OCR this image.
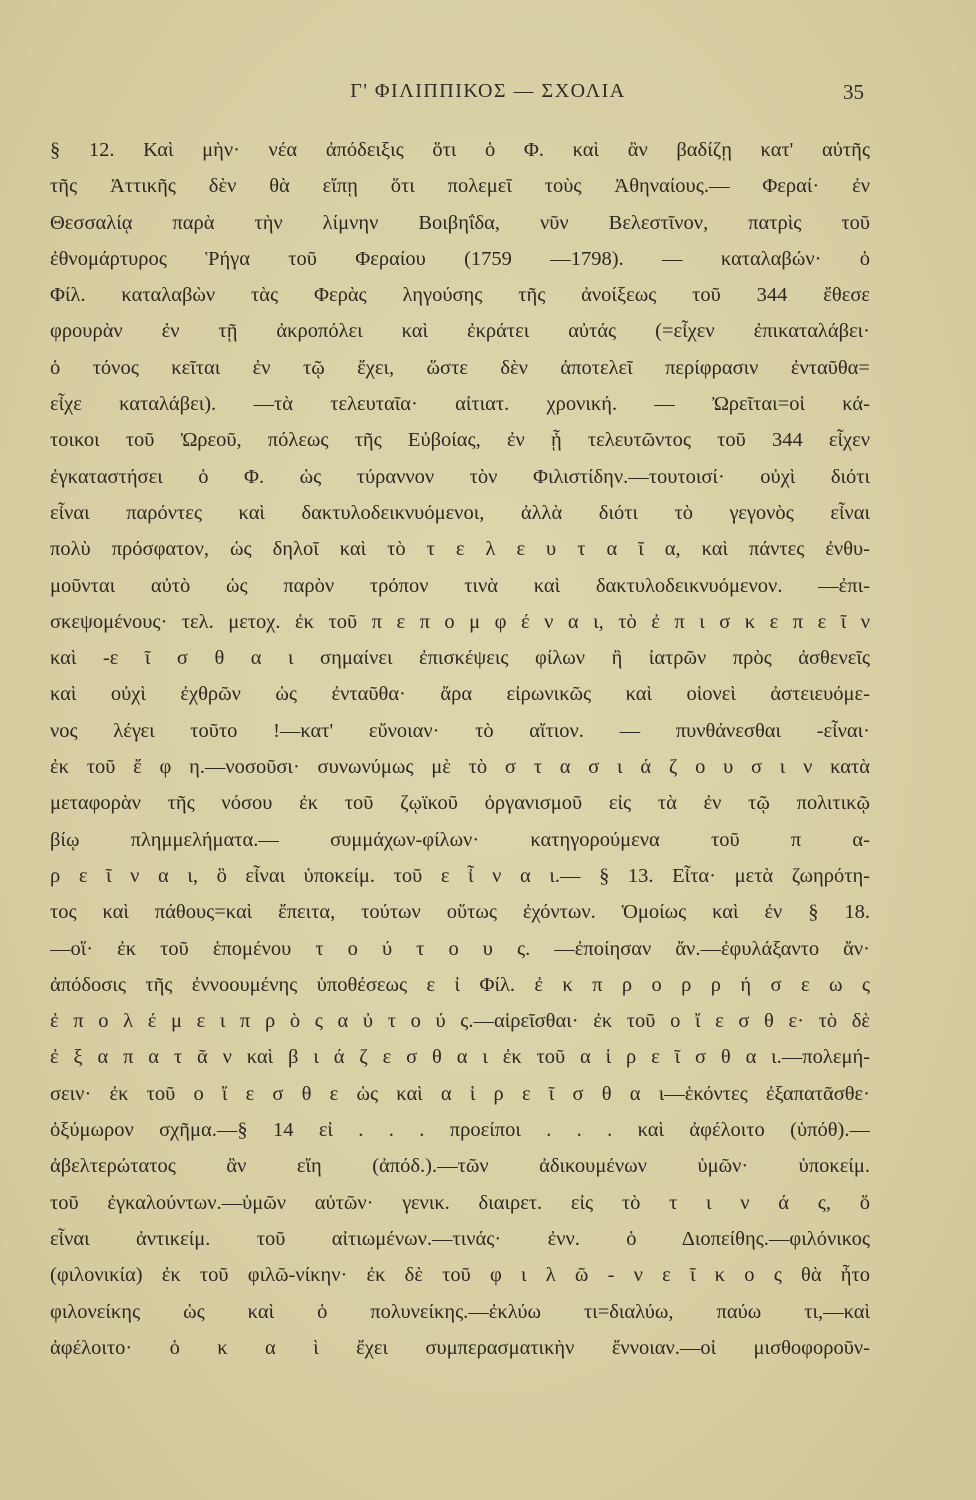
Γ' ΦΙΛΙΠΠΙΚΟΣ — ΣΧΟΛΙΑ	35
§ 12. Καὶ μὴν· νέα ἀπόδειξις ὅτι ὁ Φ. καὶ ἂν βαδίζῃ κατ' αὐτῆς
τῆς Ἀττικῆς δὲν θὰ εἴπῃ ὅτι πολεμεῖ τοὺς Ἀθηναίους.— Φεραί· ἐν
Θεσσαλίᾳ παρὰ τὴν λίμνην Βοιβηΐδα, νῦν Βελεστῖνον, πατρὶς τοῦ
ἐθνομάρτυρος Ῥήγα τοῦ Φεραίου (1759 —1798). — καταλαβών· ὁ
Φίλ. καταλαβὼν τὰς Φερὰς ληγούσης τῆς ἀνοίξεως τοῦ 344 ἔθεσε
φρουρὰν ἐν τῇ ἀκροπόλει καὶ ἐκράτει αὐτάς (=εἶχεν ἐπικαταλάβει·
ὁ τόνος κεῖται ἐν τῷ ἔχει, ὥστε δὲν ἀποτελεῖ περίφρασιν ἐνταῦθα=
εἶχε καταλάβει). —τὰ τελευταῖα· αἰτιατ. χρονική. — Ὠρεῖται=οἱ κά-
τοικοι τοῦ Ὠρεοῦ, πόλεως τῆς Εὐβοίας, ἐν ᾗ τελευτῶντος τοῦ 344 εἶχεν
ἐγκαταστήσει ὁ Φ. ὡς τύραννον τὸν Φιλιστίδην.—τουτοισί· οὐχὶ διότι
εἶναι παρόντες καὶ δακτυλοδεικνυόμενοι, ἀλλὰ διότι τὸ γεγονὸς εἶναι
πολὺ πρόσφατον, ὡς δηλοῖ καὶ τὸ τ ε λ ε υ τ α ῖ α, καὶ πάντες ἐνθυ-
μοῦνται αὐτὸ ὡς παρὸν τρόπον τινὰ καὶ δακτυλοδεικνυόμενον. —ἐπι-
σκεψομένους· τελ. μετοχ. ἐκ τοῦ π ε π ο μ φ έ ν α ι, τὸ ἐ π ι σ κ ε π ε ῖ ν
καὶ -ε ῖ σ θ α ι σημαίνει ἐπισκέψεις φίλων ἢ ἰατρῶν πρὸς ἀσθενεῖς
καὶ οὐχὶ ἐχθρῶν ὡς ἐνταῦθα· ἄρα εἰρωνικῶς καὶ οἱονεὶ ἀστειευόμε-
νος λέγει τοῦτο !—κατ' εὔνοιαν· τὸ αἴτιον. — πυνθάνεσθαι -εἶναι·
ἐκ τοῦ ἔ φ η.—νοσοῦσι· συνωνύμως μὲ τὸ σ τ α σ ι ά ζ ο υ σ ι ν κατὰ
μεταφορὰν τῆς νόσου ἐκ τοῦ ζῳϊκοῦ ὀργανισμοῦ εἰς τὰ ἐν τῷ πολιτικῷ
βίῳ πλημμελήματα.— συμμάχων-φίλων· κατηγορούμενα τοῦ π α-
ρ ε ῖ ν α ι, ὃ εἶναι ὑποκείμ. τοῦ ε ἶ ν α ι.— § 13. Εἶτα· μετὰ ζωηρότη-
τος καὶ πάθους=καὶ ἔπειτα, τούτων οὕτως ἐχόντων. Ὁμοίως καὶ ἐν § 18.
—οἵ· ἐκ τοῦ ἑπομένου τ ο ύ τ ο υ ς. —ἐποίησαν ἄν.—ἐφυλάξαντο ἄν·
ἀπόδοσις τῆς ἐννοουμένης ὑποθέσεως ε ἰ Φίλ. ἐ κ π ρ ο ρ ρ ή σ ε ω ς
ἐ π ο λ έ μ ε ι π ρ ὸ ς α ὐ τ ο ύ ς.—αἱρεῖσθαι· ἐκ τοῦ ο ἴ ε σ θ ε· τὸ δὲ
ἐ ξ α π α τ ᾶ ν καὶ β ι ά ζ ε σ θ α ι ἐκ τοῦ α ἱ ρ ε ῖ σ θ α ι.—πολεμή-
σειν· ἐκ τοῦ ο ἴ ε σ θ ε ὡς καὶ α ἱ ρ ε ῖ σ θ α ι—ἑκόντες ἐξαπατᾶσθε·
ὀξύμωρον σχῆμα.—§ 14 εἰ . . . προείποι . . . καὶ ἀφέλοιτο (ὑπόθ).—
ἀβελτερώτατος ἂν εἴη (ἀπόδ.).—τῶν ἀδικουμένων ὑμῶν· ὑποκείμ.
τοῦ ἐγκαλούντων.—ὑμῶν αὐτῶν· γενικ. διαιρετ. εἰς τὸ τ ι ν ά ς, ὅ
εἶναι ἀντικείμ. τοῦ αἰτιωμένων.—τινάς· ἐνν. ὁ Διοπείθης.—φιλόνικος
(φιλονικία) ἐκ τοῦ φιλῶ-νίκην· ἐκ δὲ τοῦ φ ι λ ῶ - ν ε ῖ κ ο ς θὰ ἦτο
φιλονείκης ὡς καὶ ὁ πολυνείκης.—ἐκλύω τι=διαλύω, παύω τι,—καὶ
ἀφέλοιτο· ὁ κ α ὶ ἔχει συμπερασματικὴν ἔννοιαν.—οἱ μισθοφοροῦν-
